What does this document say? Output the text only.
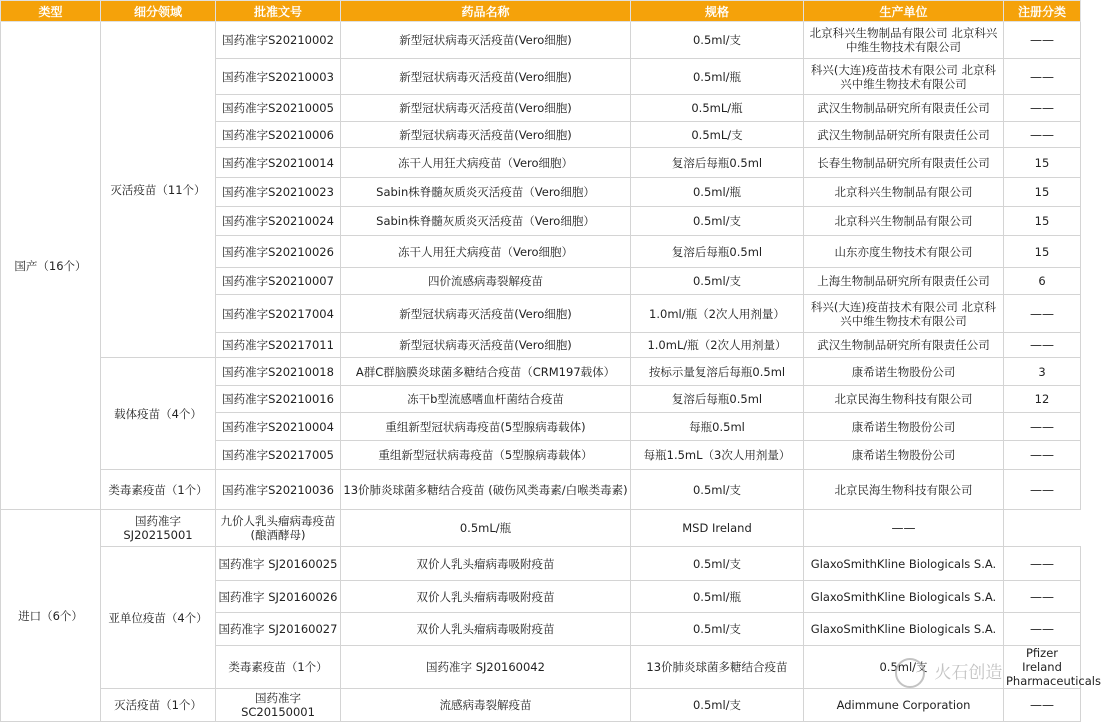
类型	细分领域	批准文号	药品名称	规格	生产单位	注册分类	
国产（16个）	灭活疫苗（11个）	国药准字S20210002	新型冠状病毒灭活疫苗(Vero细胞)	0.5ml/支	北京科兴生物制品有限公司 北京科兴中维生物技术有限公司	——	
		国药准字S20210003	新型冠状病毒灭活疫苗(Vero细胞)	0.5ml/瓶	科兴(大连)疫苗技术有限公司 北京科兴中维生物技术有限公司	——	
		国药准字S20210005	新型冠状病毒灭活疫苗(Vero细胞)	0.5mL/瓶	武汉生物制品研究所有限责任公司	——	
		国药准字S20210006	新型冠状病毒灭活疫苗(Vero细胞)	0.5mL/支	武汉生物制品研究所有限责任公司	——	
		国药准字S20210014	冻干人用狂犬病疫苗（Vero细胞）	复溶后每瓶0.5ml	长春生物制品研究所有限责任公司	15	
		国药准字S20210023	Sabin株脊髓灰质炎灭活疫苗（Vero细胞）	0.5ml/瓶	北京科兴生物制品有限公司	15	
		国药准字S20210024	Sabin株脊髓灰质炎灭活疫苗（Vero细胞）	0.5ml/支	北京科兴生物制品有限公司	15	
		国药准字S20210026	冻干人用狂犬病疫苗（Vero细胞）	复溶后每瓶0.5ml	山东亦度生物技术有限公司	15	
		国药准字S20210007	四价流感病毒裂解疫苗	0.5ml/支	上海生物制品研究所有限责任公司	6	
		国药准字S20217004	新型冠状病毒灭活疫苗(Vero细胞)	1.0ml/瓶（2次人用剂量）	科兴(大连)疫苗技术有限公司 北京科兴中维生物技术有限公司	——	
		国药准字S20217011	新型冠状病毒灭活疫苗(Vero细胞)	1.0mL/瓶（2次人用剂量）	武汉生物制品研究所有限责任公司	——	
	载体疫苗（4个）	国药准字S20210018	A群C群脑膜炎球菌多糖结合疫苗（CRM197载体）	按标示量复溶后每瓶0.5ml	康希诺生物股份公司	3	
		国药准字S20210016	冻干b型流感嗜血杆菌结合疫苗	复溶后每瓶0.5ml	北京民海生物科技有限公司	12	
		国药准字S20210004	重组新型冠状病毒疫苗(5型腺病毒载体)	每瓶0.5ml	康希诺生物股份公司	——	
		国药准字S20217005	重组新型冠状病毒疫苗（5型腺病毒载体）	每瓶1.5mL（3次人用剂量）	康希诺生物股份公司	——	
	类毒素疫苗（1个）	国药准字S20210036	13价肺炎球菌多糖结合疫苗 (破伤风类毒素/白喉类毒素)	0.5ml/支	北京民海生物科技有限公司	——	
进口（6个）	国药准字 SJ20215001	九价人乳头瘤病毒疫苗(酿酒酵母)	0.5mL/瓶	MSD Ireland	——		
	亚单位疫苗（4个）	国药准字 SJ20160025	双价人乳头瘤病毒吸附疫苗	0.5ml/支	GlaxoSmithKline Biologicals S.A.	——	
		国药准字 SJ20160026	双价人乳头瘤病毒吸附疫苗	0.5ml/瓶	GlaxoSmithKline Biologicals S.A.	——	
		国药准字 SJ20160027	双价人乳头瘤病毒吸附疫苗	0.5ml/支	GlaxoSmithKline Biologicals S.A.	——	
		类毒素疫苗（1个）	国药准字 SJ20160042	13价肺炎球菌多糖结合疫苗	0.5ml/支	Pfizer Ireland Pharmaceuticals	
	灭活疫苗（1个）	国药准字 SC20150001	流感病毒裂解疫苗	0.5ml/支	Adimmune Corporation	——	
火石创造
